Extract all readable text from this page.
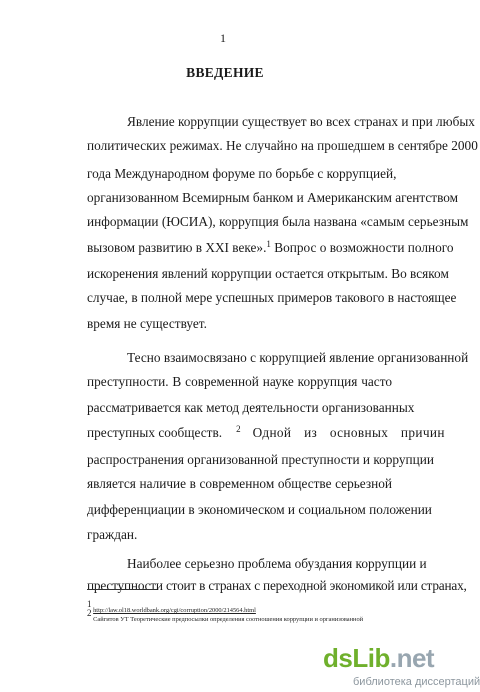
1
ВВЕДЕНИЕ
Явление коррупции существует во всех странах и при любых
политических режимах. Не случайно на прошедшем в сентябре 2000
года Международном форуме по борьбе с коррупцией,
организованном Всемирным банком и Американским агентством
информации (ЮСИА), коррупция была названа «самым серьезным
вызовом развитию в XXI веке».$^1$ Вопрос о возможности полного
искоренения явлений коррупции остается открытым. Во всяком
случае, в полной мере успешных примеров такового в настоящее
время не существует.
Тесно взаимосвязано с коррупцией явление организованной
преступности. В современной науке коррупция часто
рассматривается как метод деятельности организованных
преступных сообществ. $^2$ Одной из основных причин
распространения организованной преступности и коррупции
является наличие в современном обществе серьезной
дифференциации в экономическом и социальном положении
граждан.
Наиболее серьезно проблема обуздания коррупции и
преступности стоит в странах с переходной экономикой или странах,
$^1$ http://law.ol18.worldbank.org/cgi/corruption/2000/214564.html
$^2$ Сайгитов УТ Теоретические предпосылки определения соотношения коррупции и организованной
dsLib.net
библиотека диссертаций
